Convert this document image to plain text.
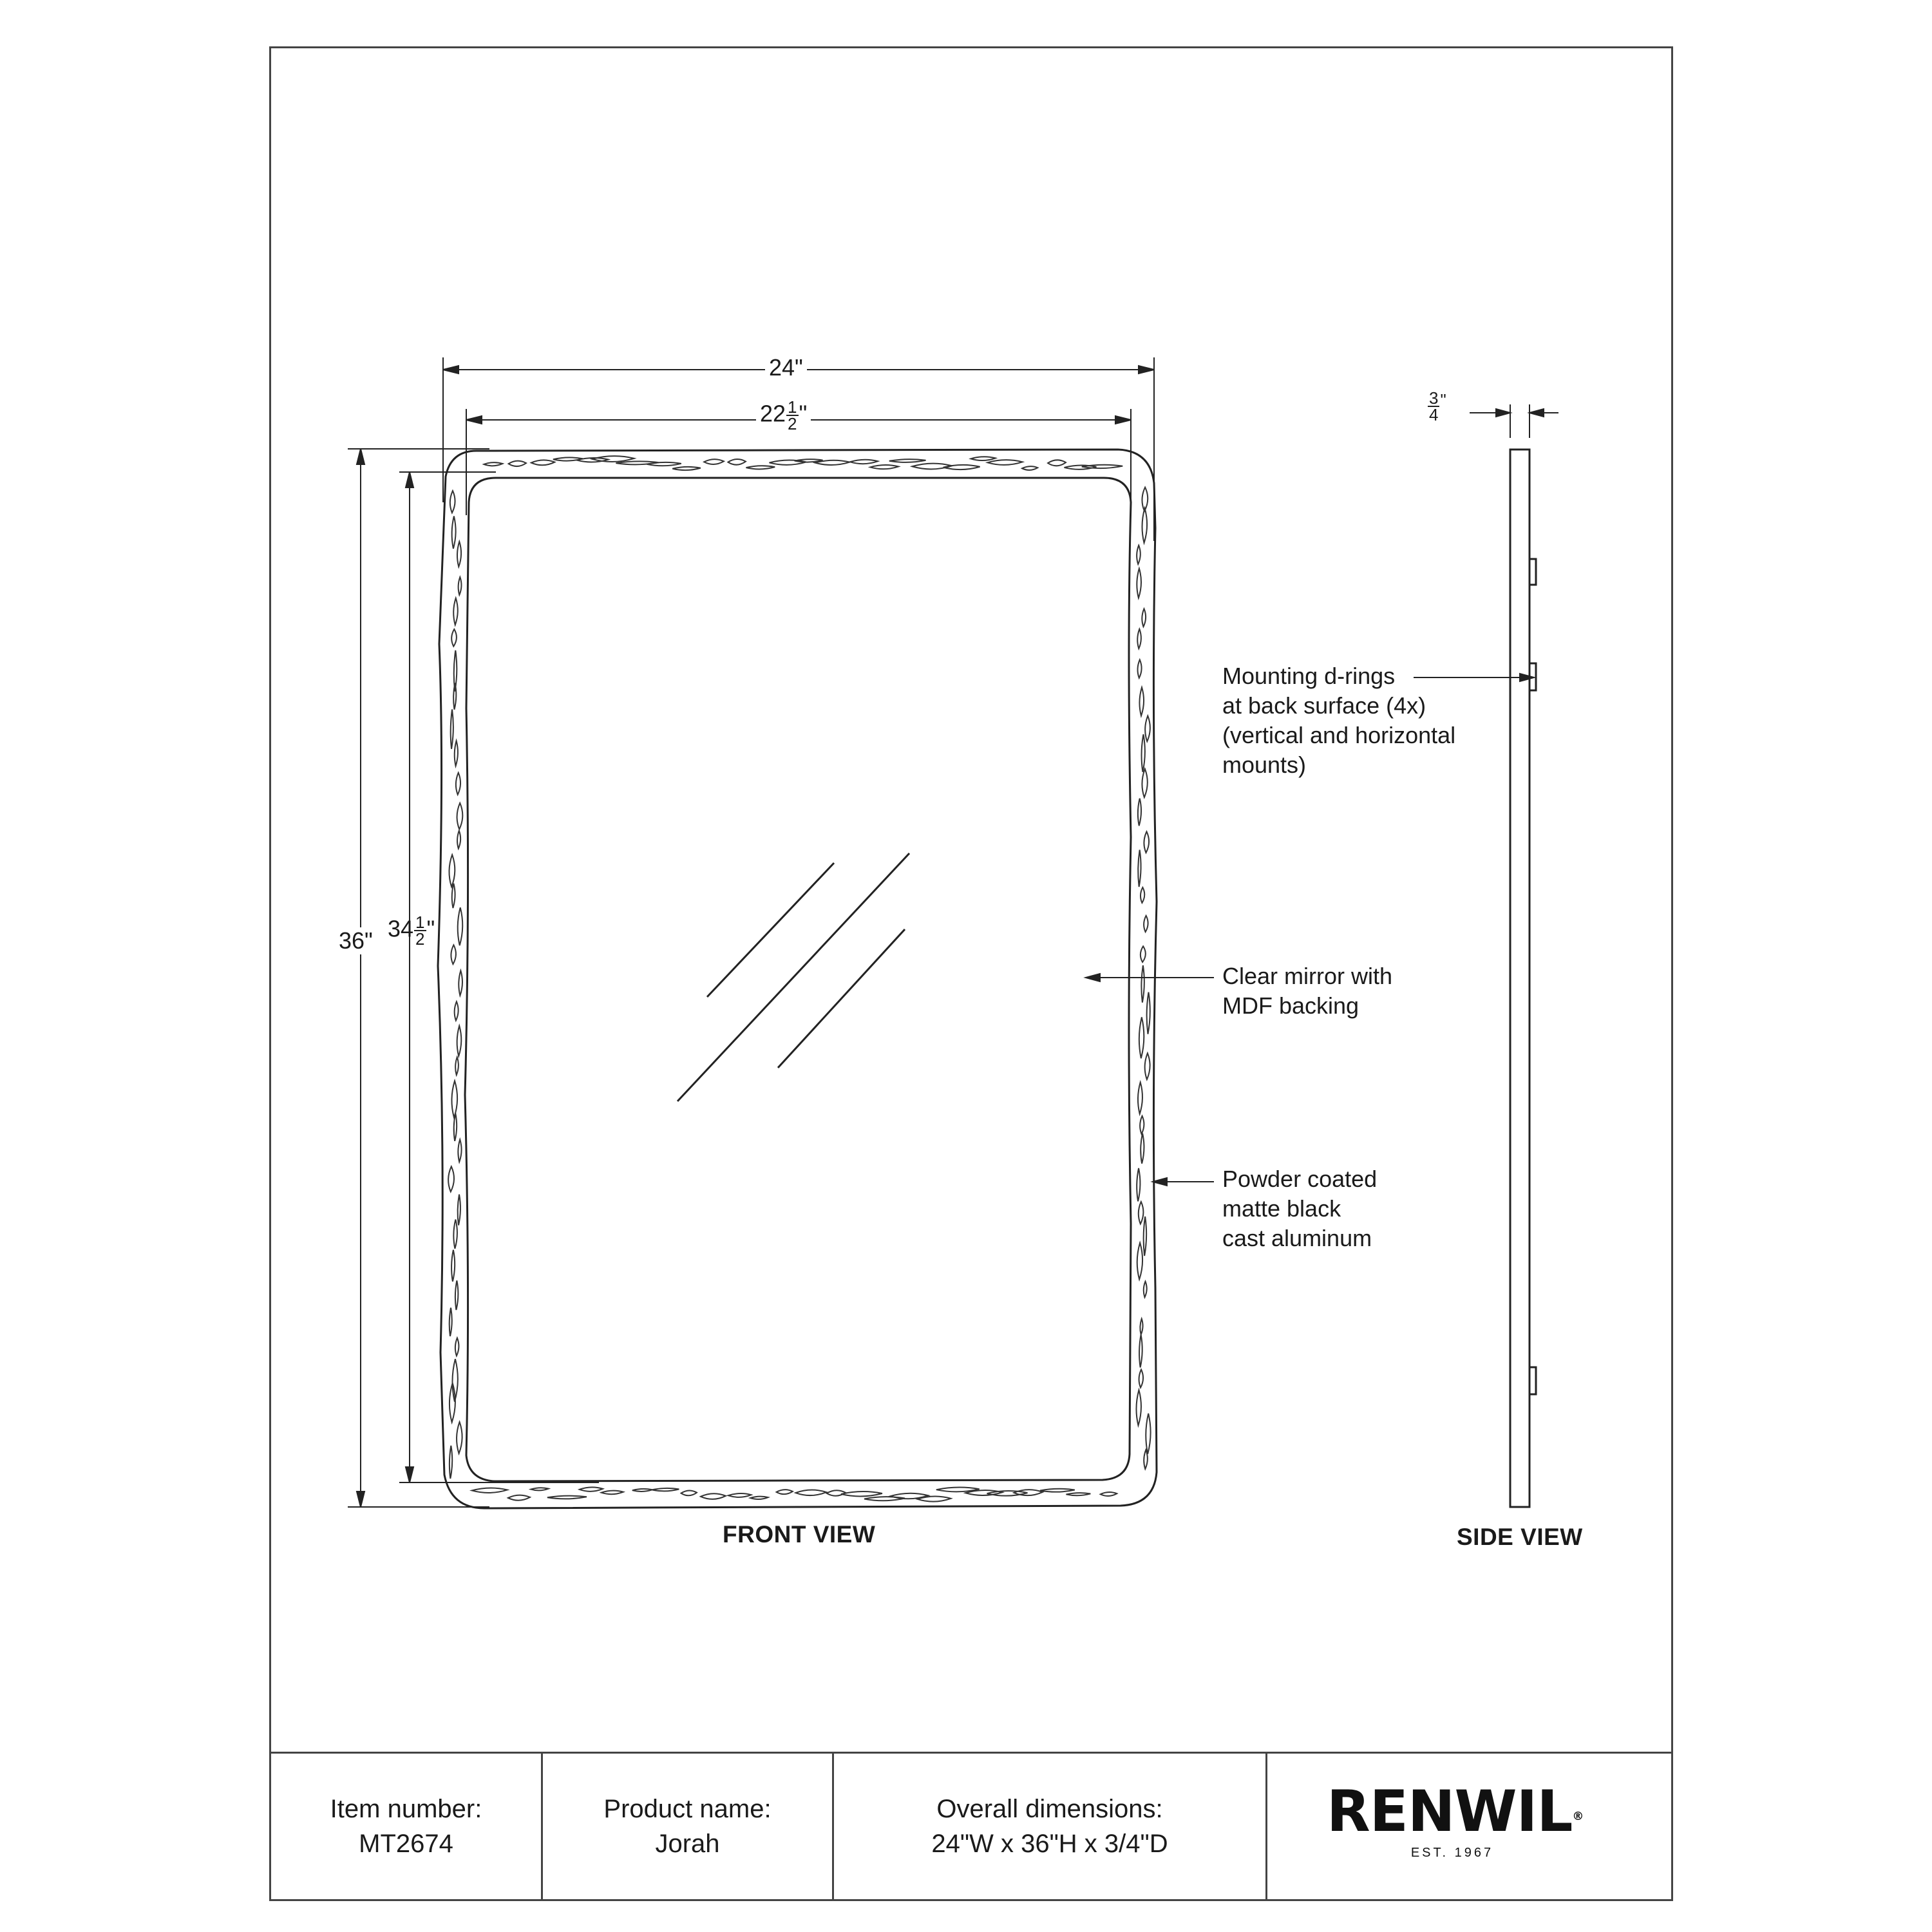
24"
$22 \frac{1}{2}$ "
36" $34 \frac{1}{2}$ "
$\frac{3}{4} ^"$
Mounting d-rings
at back surface (4x)
(vertical and horizontal
mounts)
Clear mirror with
MDF backing
Powder coated
matte black
cast aluminum
FRONT VIEW	SIDE VIEW
Item number:
MT2674
Product name:
Jorah
Overall dimensions:
24"W x 36"H x 3/4"D	RENWIL®
EST. 1967
